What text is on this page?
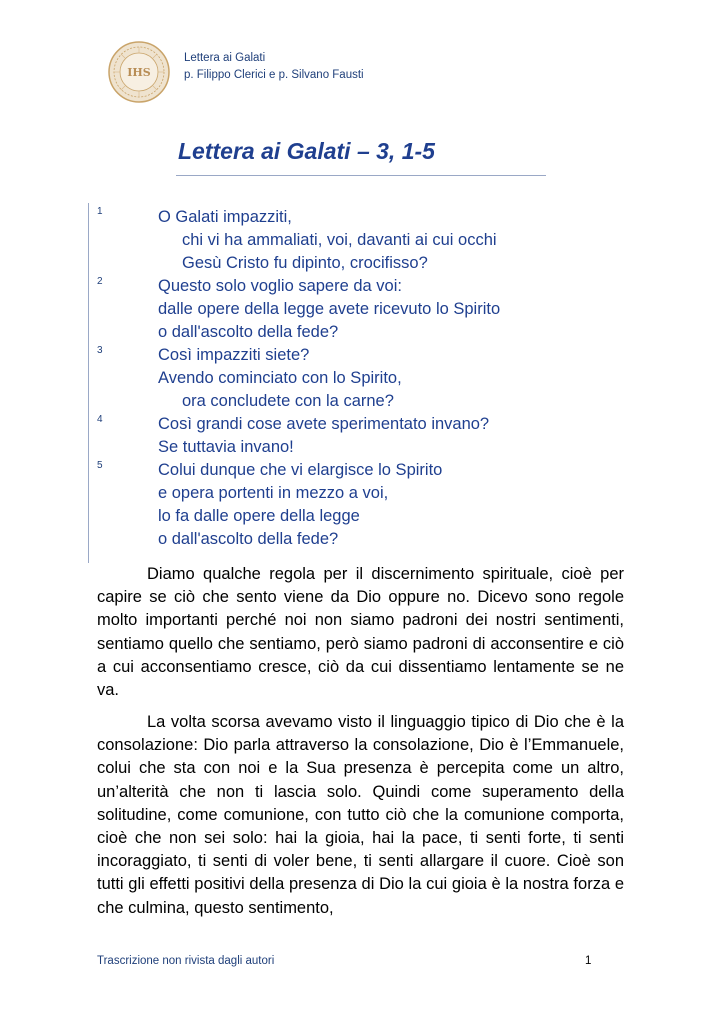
IHS
Lettera ai Galati
p. Filippo Clerici e p. Silvano Fausti
Lettera ai Galati – 3, 1-5
1
2
3
4
5
O Galati impazziti,
chi vi ha ammaliati, voi, davanti ai cui occhi
Gesù Cristo fu dipinto, crocifisso?
Questo solo voglio sapere da voi:
dalle opere della legge avete ricevuto lo Spirito
o dall'ascolto della fede?
Così impazziti siete?
Avendo cominciato con lo Spirito,
ora concludete con la carne?
Così grandi cose avete sperimentato invano?
Se tuttavia invano!
Colui dunque che vi elargisce lo Spirito
e opera portenti in mezzo a voi,
lo fa dalle opere della legge
o dall'ascolto della fede?

Diamo qualche regola per il discernimento spirituale, cioè per capire se ciò che sento viene da Dio oppure no. Dicevo sono regole molto importanti perché noi non siamo padroni dei nostri sentimenti, sentiamo quello che sentiamo, però siamo padroni di acconsentire e ciò a cui acconsentiamo cresce, ciò da cui dissentiamo lentamente se ne va.

La volta scorsa avevamo visto il linguaggio tipico di Dio che è la consolazione: Dio parla attraverso la consolazione, Dio è l’Emmanuele, colui che sta con noi e la Sua presenza è percepita come un altro, un’alterità che non ti lascia solo. Quindi come superamento della solitudine, come comunione, con tutto ciò che la comunione comporta, cioè che non sei solo: hai la gioia, hai la pace, ti senti forte, ti senti incoraggiato, ti senti di voler bene, ti senti allargare il cuore. Cioè son tutti gli effetti positivi della presenza di Dio la cui gioia è la nostra forza e che culmina, questo sentimento,

Trascrizione non rivista dagli autori	1
